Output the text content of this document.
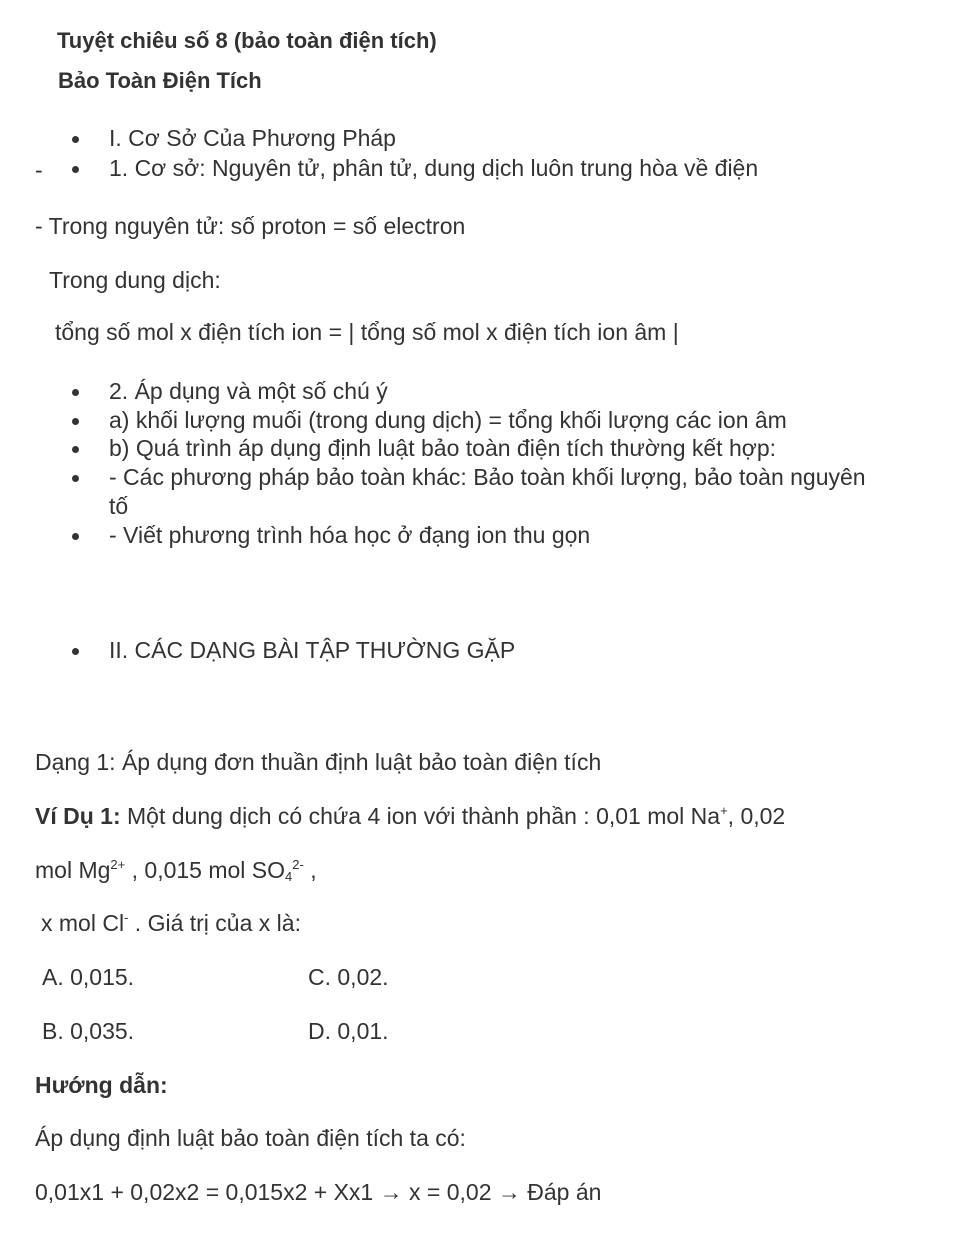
Tuyệt chiêu số 8 (bảo toàn điện tích)
Bảo Toàn Điện Tích
I. Cơ Sở Của Phương Pháp
-	1. Cơ sở: Nguyên tử, phân tử, dung dịch luôn trung hòa về điện
- Trong nguyên tử: số proton = số electron
Trong dung dịch:
tổng số mol x điện tích ion = | tổng số mol x điện tích ion âm |
2. Áp dụng và một số chú ý
a) khối lượng muối (trong dung dịch) = tổng khối lượng các ion âm
b) Quá trình áp dụng định luật bảo toàn điện tích thường kết hợp:
- Các phương pháp bảo toàn khác: Bảo toàn khối lượng, bảo toàn nguyên
tố
- Viết phương trình hóa học ở đạng ion thu gọn
II. CÁC DẠNG BÀI TẬP THƯỜNG GẶP
Dạng 1: Áp dụng đơn thuần định luật bảo toàn điện tích
Ví Dụ 1: Một dung dịch có chứa 4 ion với thành phần : 0,01 mol Na+, 0,02
mol $Mg^{2+}$ , 0,015 mol $SO_4^{2-}$ ,
x mol Cl- . Giá trị của x là:
A. 0,015.	C. 0,02.
B. 0,035.	D. 0,01.
Hướng dẫn:
Áp dụng định luật bảo toàn điện tích ta có:
0,01x1 + 0,02x2 = 0,015x2 + Xx1 → x = 0,02 → Đáp án
